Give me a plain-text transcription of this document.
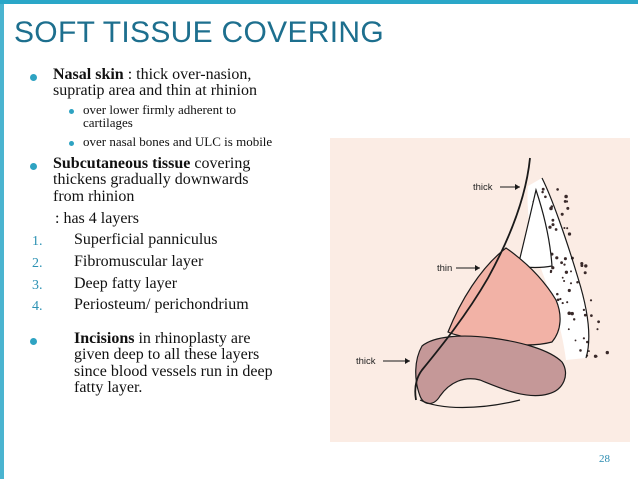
SOFT TISSUE COVERING
Nasal skin : thick over-nasion,
supratip area and thin at rhinion
over lower firmly adherent to
cartilages
over nasal bones and ULC is mobile
Subcutaneous tissue covering
thickens gradually downwards
from rhinion
: has 4 layers
1. Superficial panniculus
2. Fibromuscular layer
3. Deep fatty layer
4. Periosteum/ perichondrium
Incisions in rhinoplasty are
given deep to all these layers
since blood vessels run in deep
fatty layer.
thick
thin
thick
28
